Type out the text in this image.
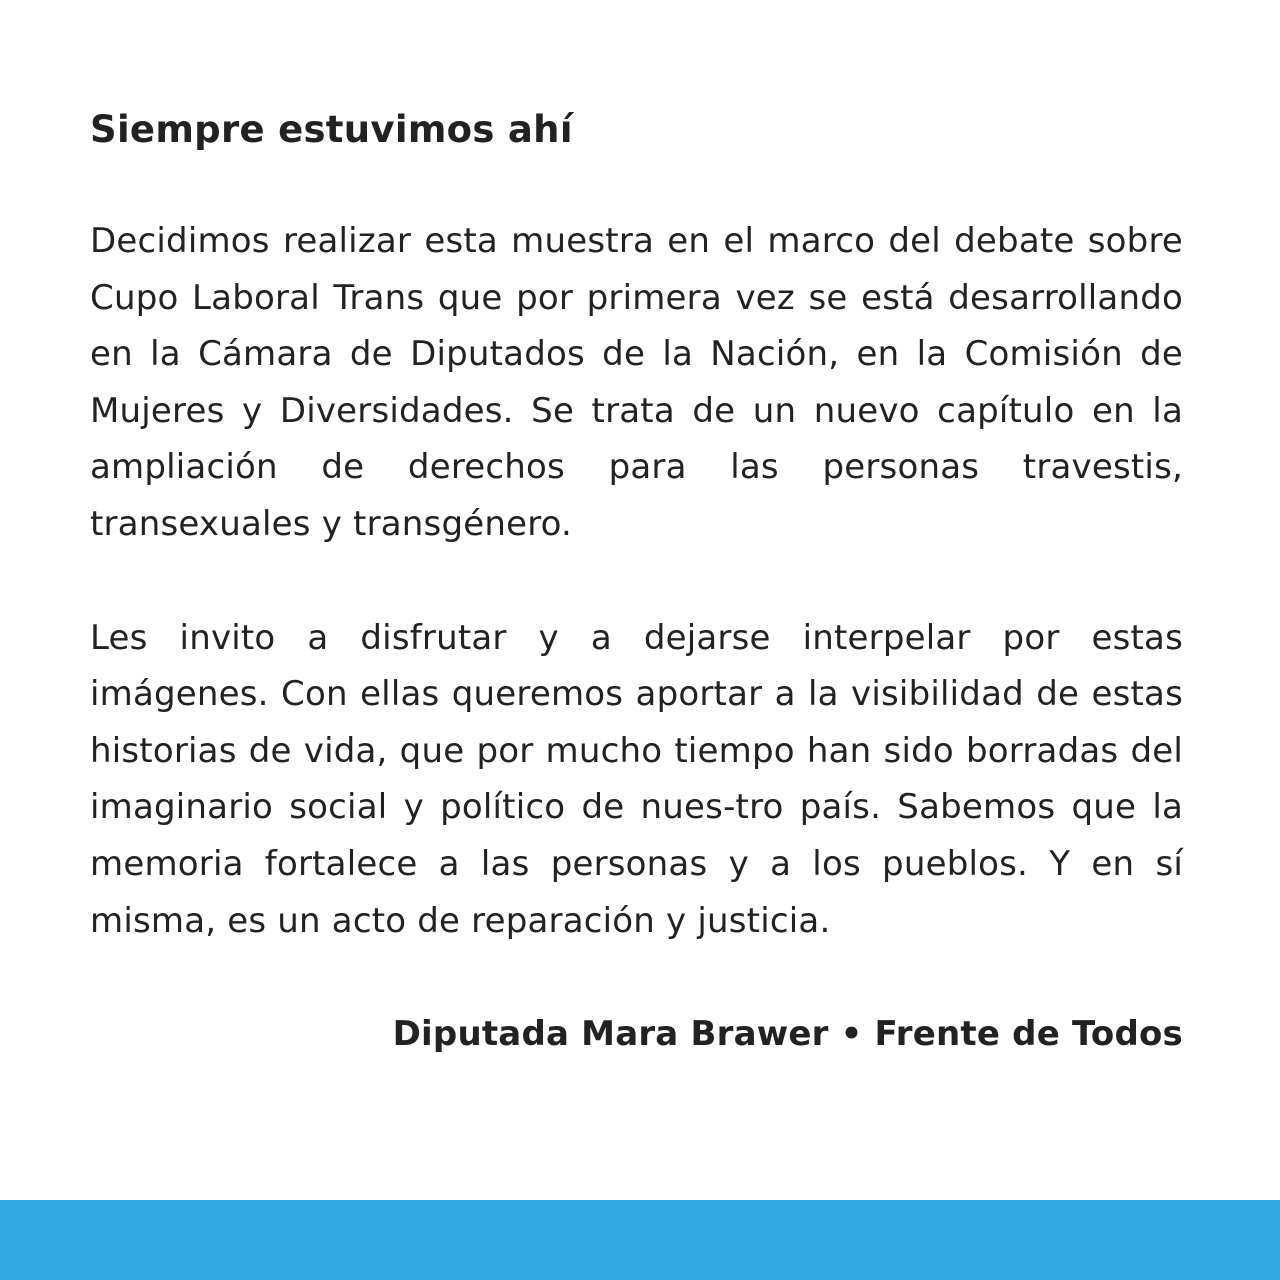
Siempre estuvimos ahí

Decidimos realizar esta muestra en el marco del debate sobre Cupo Laboral Trans que por primera vez se está desarrollando en la Cámara de Diputados de la Nación, en la Comisión de Mujeres y Diversidades. Se trata de un nuevo capítulo en la ampliación de derechos para las personas travestis, transexuales y transgénero.

Les invito a disfrutar y a dejarse interpelar por estas imágenes. Con ellas queremos aportar a la visibilidad de estas historias de vida, que por mucho tiempo han sido borradas del imaginario social y político de nues-tro país. Sabemos que la memoria fortalece a las personas y a los pueblos. Y en sí misma, es un acto de reparación y justicia.

Diputada Mara Brawer • Frente de Todos
